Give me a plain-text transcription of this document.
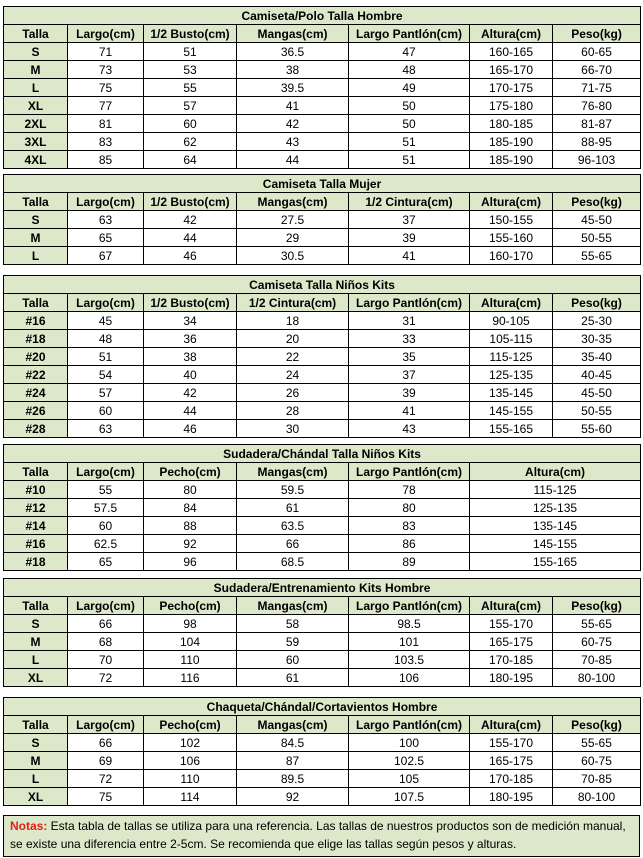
Camiseta/Polo Talla Hombre						
Talla	Largo(cm)	1/2 Busto(cm)	Mangas(cm)	Largo Pantlón(cm)	Altura(cm)	Peso(kg)
S	71	51	36.5	47	160-165	60-65
M	73	53	38	48	165-170	66-70
L	75	55	39.5	49	170-175	71-75
XL	77	57	41	50	175-180	76-80
2XL	81	60	42	50	180-185	81-87
3XL	83	62	43	51	185-190	88-95
4XL	85	64	44	51	185-190	96-103
Camiseta Talla Mujer						
Talla	Largo(cm)	1/2 Busto(cm)	Mangas(cm)	1/2 Cintura(cm)	Altura(cm)	Peso(kg)
S	63	42	27.5	37	150-155	45-50
M	65	44	29	39	155-160	50-55
L	67	46	30.5	41	160-170	55-65
Camiseta Talla Niños Kits						
Talla	Largo(cm)	1/2 Busto(cm)	1/2 Cintura(cm)	Largo Pantlón(cm)	Altura(cm)	Peso(kg)
#16	45	34	18	31	90-105	25-30
#18	48	36	20	33	105-115	30-35
#20	51	38	22	35	115-125	35-40
#22	54	40	24	37	125-135	40-45
#24	57	42	26	39	135-145	45-50
#26	60	44	28	41	145-155	50-55
#28	63	46	30	43	155-165	55-60
Sudadera/Chándal Talla Niños Kits					
Talla	Largo(cm)	Pecho(cm)	Mangas(cm)	Largo Pantlón(cm)	Altura(cm)
#10	55	80	59.5	78	115-125
#12	57.5	84	61	80	125-135
#14	60	88	63.5	83	135-145
#16	62.5	92	66	86	145-155
#18	65	96	68.5	89	155-165
Sudadera/Entrenamiento Kits Hombre						
Talla	Largo(cm)	Pecho(cm)	Mangas(cm)	Largo Pantlón(cm)	Altura(cm)	Peso(kg)
S	66	98	58	98.5	155-170	55-65
M	68	104	59	101	165-175	60-75
L	70	110	60	103.5	170-185	70-85
XL	72	116	61	106	180-195	80-100
Chaqueta/Chándal/Cortavientos Hombre						
Talla	Largo(cm)	Pecho(cm)	Mangas(cm)	Largo Pantlón(cm)	Altura(cm)	Peso(kg)
S	66	102	84.5	100	155-170	55-65
M	69	106	87	102.5	165-175	60-75
L	72	110	89.5	105	170-185	70-85
XL	75	114	92	107.5	180-195	80-100
Notas: Esta tabla de tallas se utiliza para una referencia. Las tallas de nuestros productos son de medición manual, se existe una diferencia entre 2-5cm. Se recomienda que elige las tallas según pesos y alturas.
